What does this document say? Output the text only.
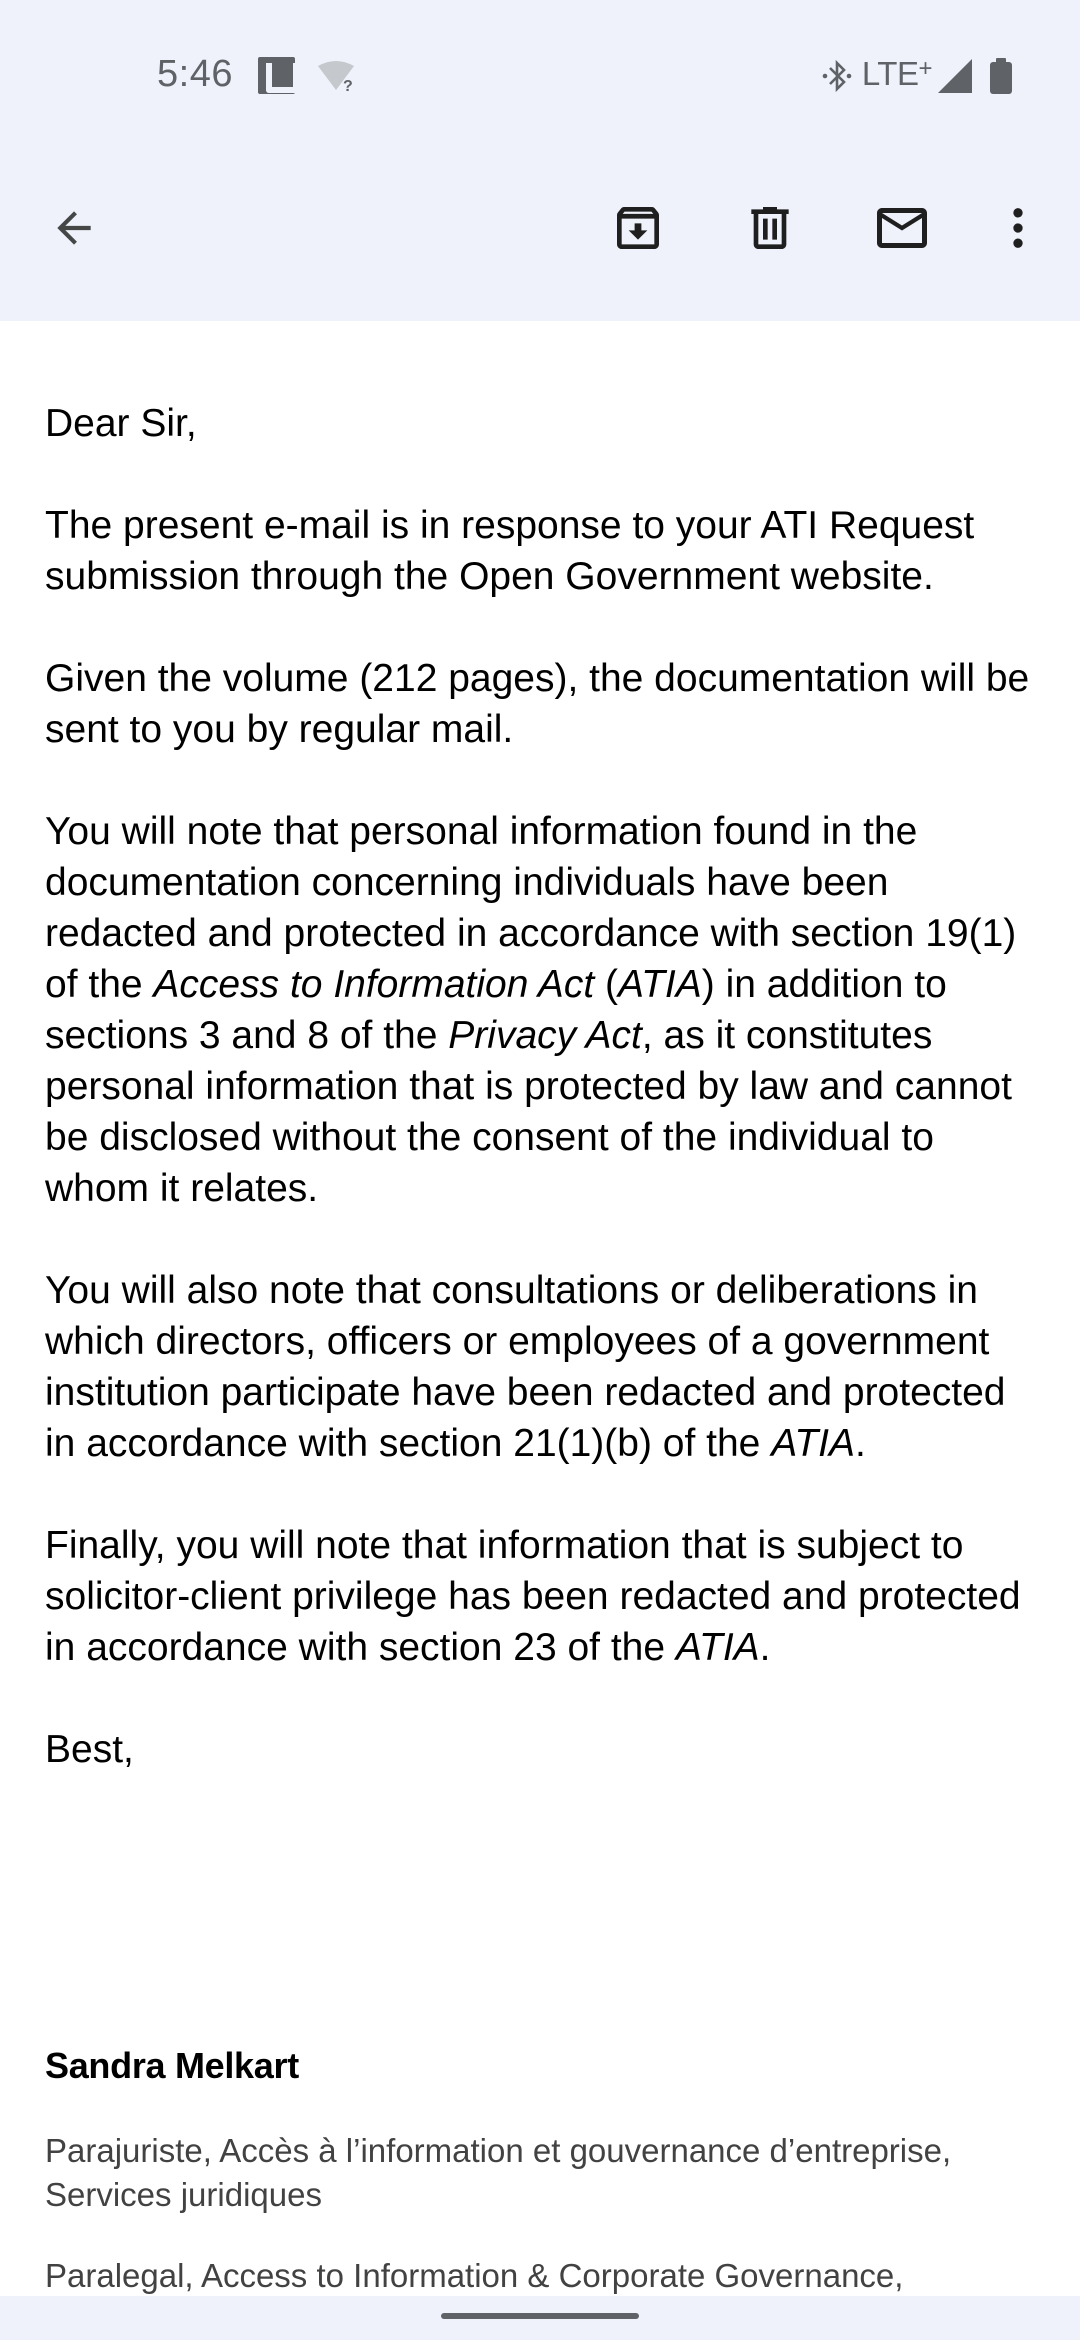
5:46	?	LTE+

Dear Sir,

The present e-mail is in response to your ATI Request submission through the Open Government website.

Given the volume (212 pages), the documentation will be sent to you by regular mail.

You will note that personal information found in the documentation concerning individuals have been redacted and protected in accordance with section 19(1) of the Access to Information Act (ATIA) in addition to sections 3 and 8 of the Privacy Act, as it constitutes personal information that is protected by law and cannot be disclosed without the consent of the individual to whom it relates.

You will also note that consultations or deliberations in which directors, officers or employees of a government institution participate have been redacted and protected in accordance with section 21(1)(b) of the ATIA.

Finally, you will note that information that is subject to solicitor-client privilege has been redacted and protected in accordance with section 23 of the ATIA.

Best,

Sandra Melkart
Parajuriste, Accès à l’information et gouvernance d’entreprise, Services juridiques
Paralegal, Access to Information & Corporate Governance,
